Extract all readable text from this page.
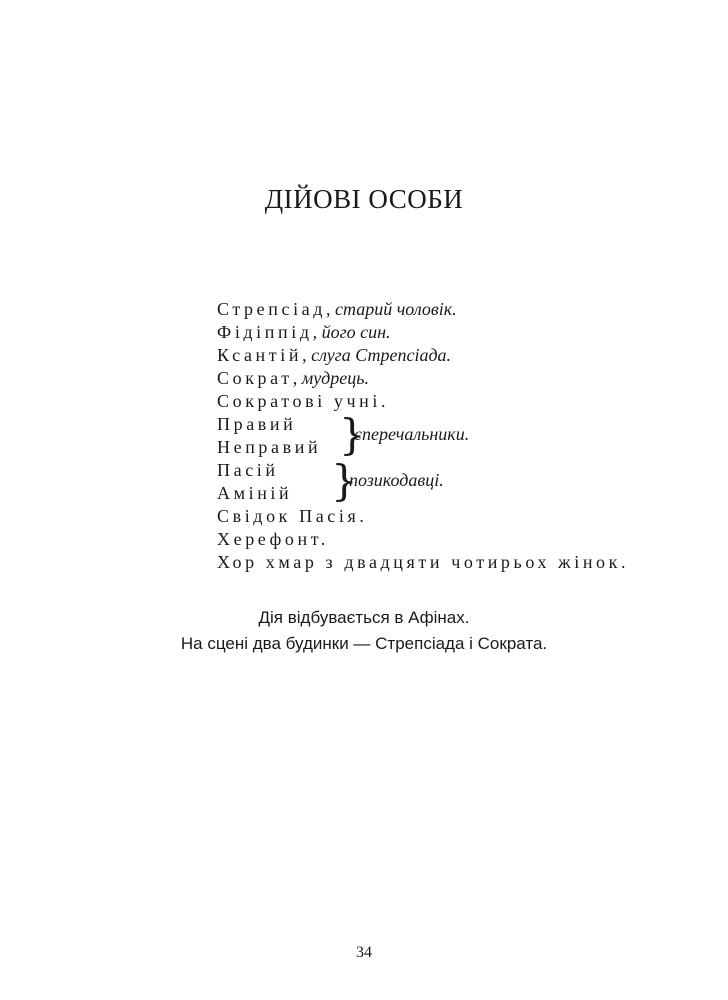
ДІЙОВІ ОСОБИ
Стрепсіад, старий чоловік.
Фідіппід, його син.
Ксантій, слуга Стрепсіада.
Сократ, мудрець.
Сократові учні.
Правий
Неправий }
сперечальники.
Пасій
Аміній }
позикодавці.
Свідок Пасія.
Херефонт.
Хор хмар з двадцяти чотирьох жінок.
Дія відбувається в Афінах.
На сцені два будинки — Стрепсіада і Сократа.
34
